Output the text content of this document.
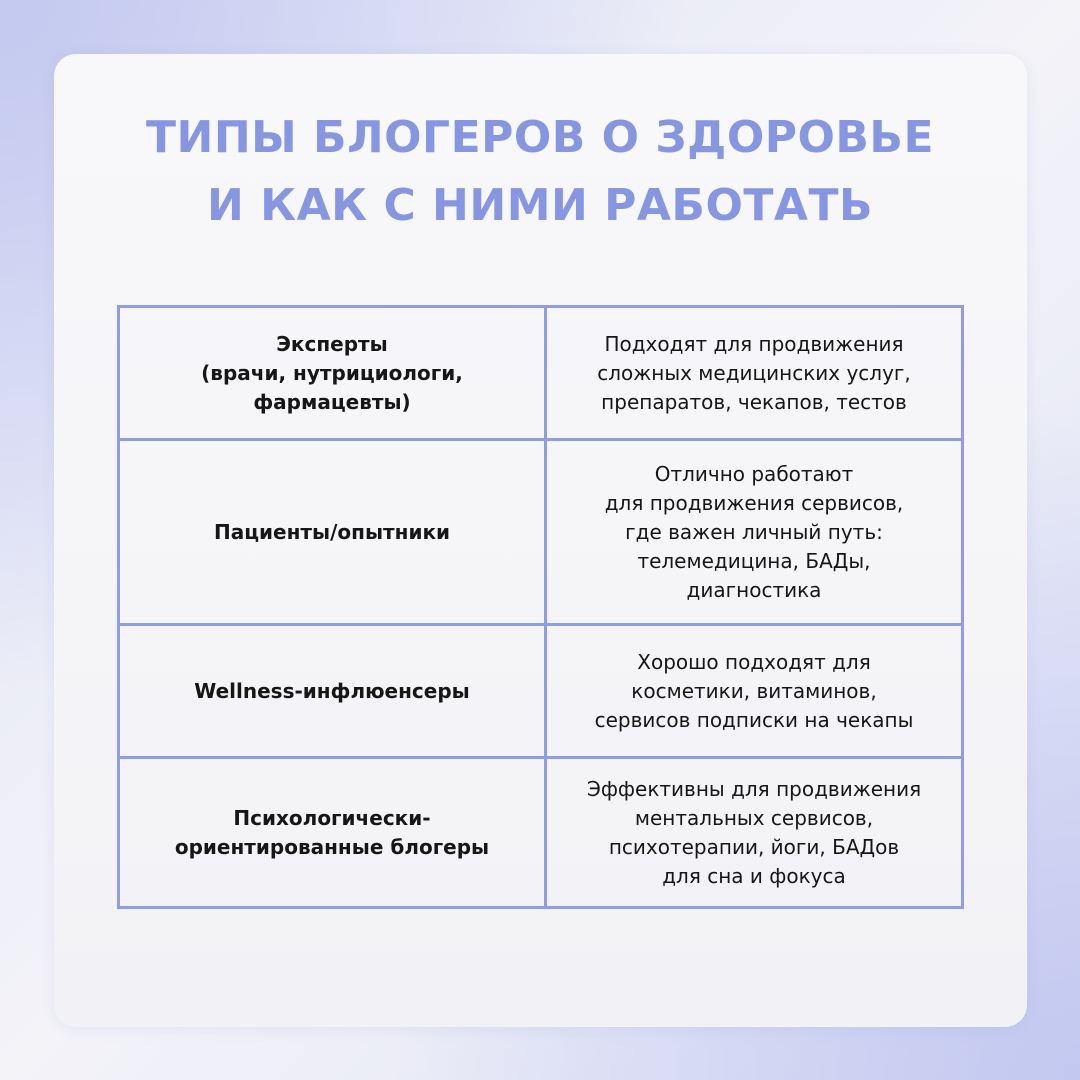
ТИПЫ БЛОГЕРОВ О ЗДОРОВЬЕ
И КАК С НИМИ РАБОТАТЬ
Эксперты
(врачи, нутрициологи,
фармацевты)	Подходят для продвижения
сложных медицинских услуг,
препаратов, чекапов, тестов

Пациенты/опытники	Отлично работают
для продвижения сервисов,
где важен личный путь:
телемедицина, БАДы,
диагностика

Wellness-инфлюенсеры	Хорошо подходят для
косметики, витаминов,
сервисов подписки на чекапы

Психологически-
ориентированные блогеры	Эффективны для продвижения
ментальных сервисов,
психотерапии, йоги, БАДов
для сна и фокуса
